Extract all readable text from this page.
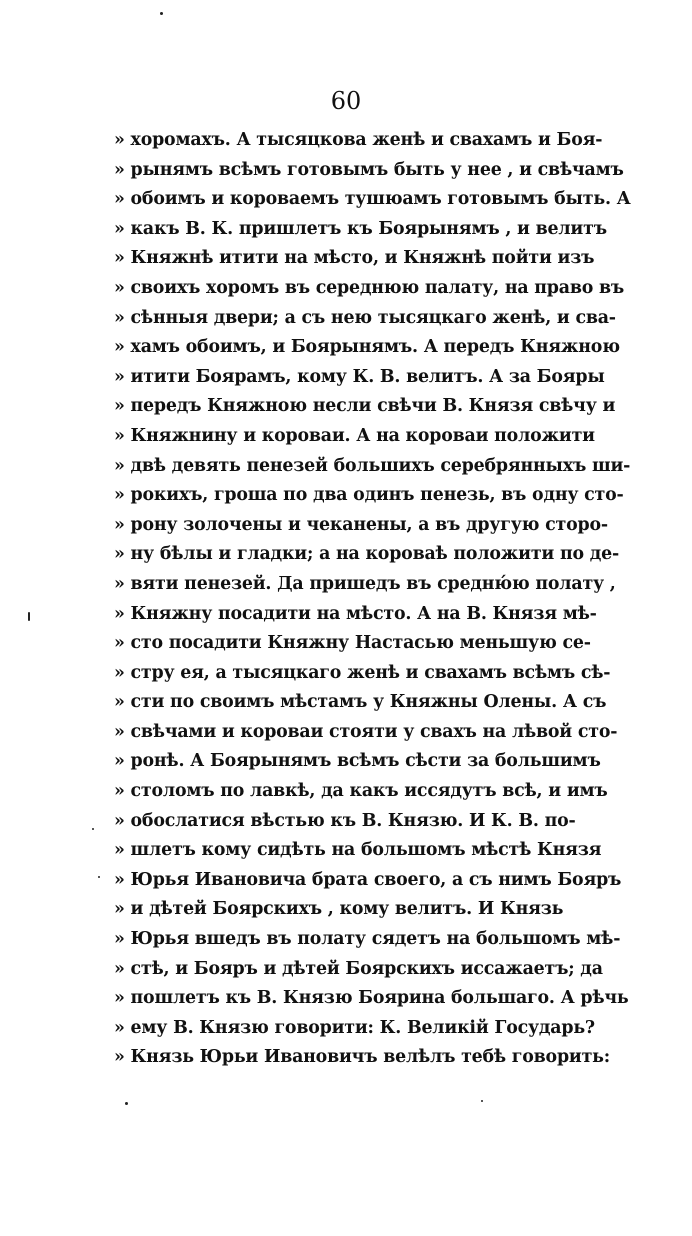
60
» хоромахъ. А тысяцкова женѣ и свахамъ и Боя-
» рынямъ всѣмъ готовымъ быть у нее , и свѣчамъ
» обоимъ и короваемъ тушюамъ готовымъ быть. А
» какъ В. К. пришлетъ къ Боярынямъ , и велитъ
» Княжнѣ итити на мѣсто, и Княжнѣ пойти изъ
» своихъ хоромъ въ середнюю палату, на право въ
» сѣнныя двери; а съ нею тысяцкаго женѣ, и сва-
» хамъ обоимъ, и Боярынямъ. А передъ Княжною
» итити Боярамъ, кому К. В. велитъ. А за Бояры
» передъ Княжною несли свѣчи В. Князя свѣчу и
» Княжнину и короваи. А на короваи положити
» двѣ девять пенезей большихъ серебрянныхъ ши-
» рокихъ, гроша по два одинъ пенезь, въ одну сто-
» рону золочены и чеканены, а въ другую сторо-
» ну бѣлы и гладки; а на коровaѣ положити по де-
» вяти пенезей. Да пришедъ въ средню́ю полату ,
» Княжну посадити на мѣсто. А на В. Князя мѣ-
» сто посадити Княжну Настасью меньшую се-
» стру ея, а тысяцкаго женѣ и свахамъ всѣмъ сѣ-
» сти по своимъ мѣстамъ у Княжны Олены. А съ
» свѣчами и короваи стояти у свахъ на лѣвой сто-
» ронѣ. А Боярынямъ всѣмъ сѣсти за большимъ
» столомъ по лавкѣ, да какъ иссядутъ всѣ, и имъ
» обослатися вѣстью къ В. Князю. И К. В. по-
» шлетъ кому сидѣть на большомъ мѣстѣ Князя
» Юрья Ивановича брата своего, а съ нимъ Бояръ
» и дѣтей Боярскихъ , кому велитъ. И Князь
» Юрья вшедъ въ полату сядетъ на большомъ мѣ-
» стѣ, и Бояръ и дѣтей Боярскихъ иссажаетъ; да
» пошлетъ къ В. Князю Боярина большаго. А рѣчь
» ему В. Князю говорити: К. Великій Государь?
» Князь Юрьи Ивановичъ велѣлъ тебѣ говорить:
